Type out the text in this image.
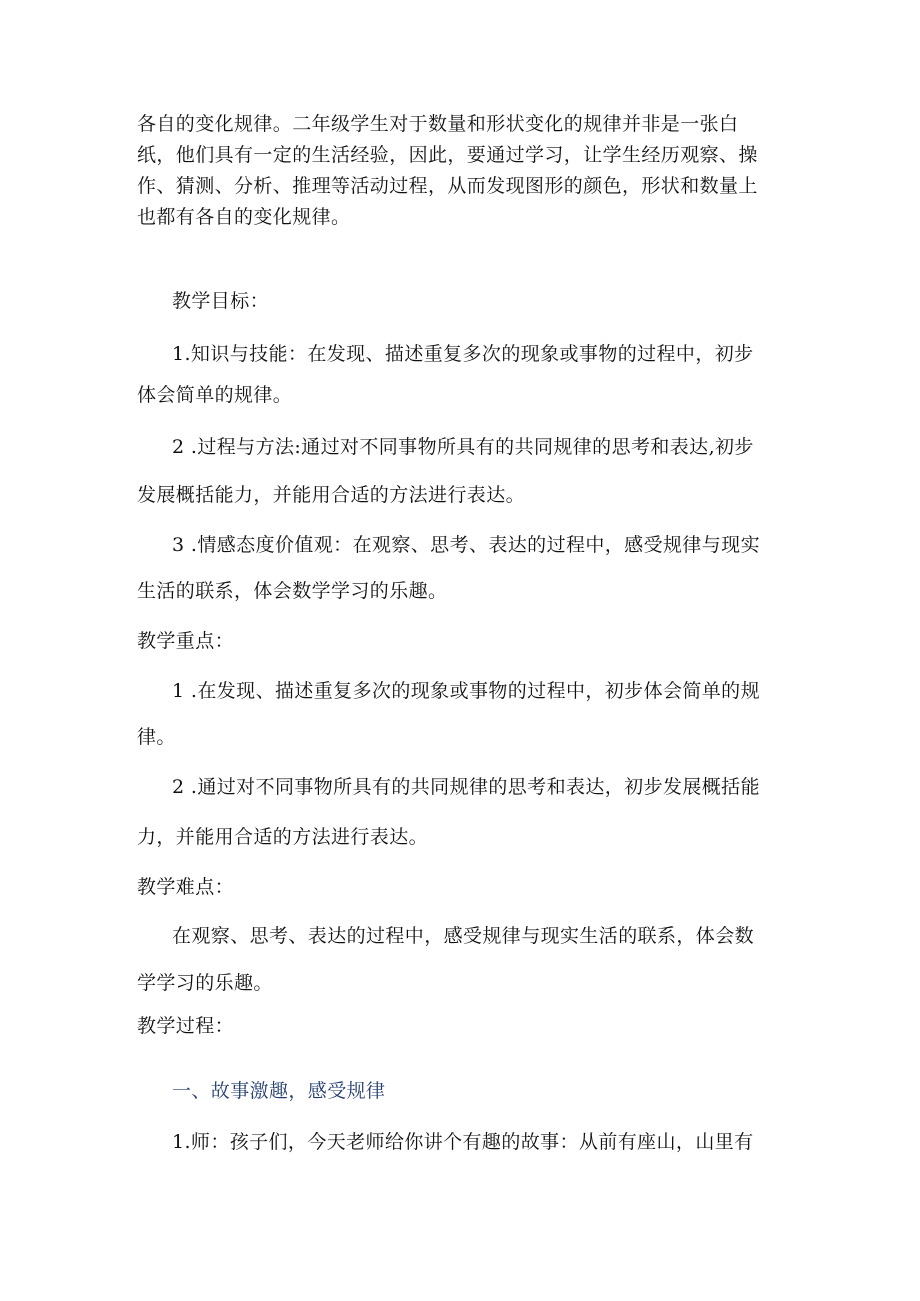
各自的变化规律。二年级学生对于数量和形状变化的规律并非是一张白
纸，他们具有一定的生活经验，因此，要通过学习，让学生经历观察、操
作、猜测、分析、推理等活动过程，从而发现图形的颜色，形状和数量上
也都有各自的变化规律。
教学目标：
1.知识与技能：在发现、描述重复多次的现象或事物的过程中，初步
体会简单的规律。
2 .过程与方法:通过对不同事物所具有的共同规律的思考和表达,初步
发展概括能力，并能用合适的方法进行表达。
3 .情感态度价值观：在观察、思考、表达的过程中，感受规律与现实
生活的联系，体会数学学习的乐趣。
教学重点：
1 .在发现、描述重复多次的现象或事物的过程中，初步体会简单的规
律。
2 .通过对不同事物所具有的共同规律的思考和表达，初步发展概括能
力，并能用合适的方法进行表达。
教学难点：
在观察、思考、表达的过程中，感受规律与现实生活的联系，体会数
学学习的乐趣。
教学过程：
一、故事激趣，感受规律
1.师：孩子们，今天老师给你讲个有趣的故事：从前有座山，山里有
